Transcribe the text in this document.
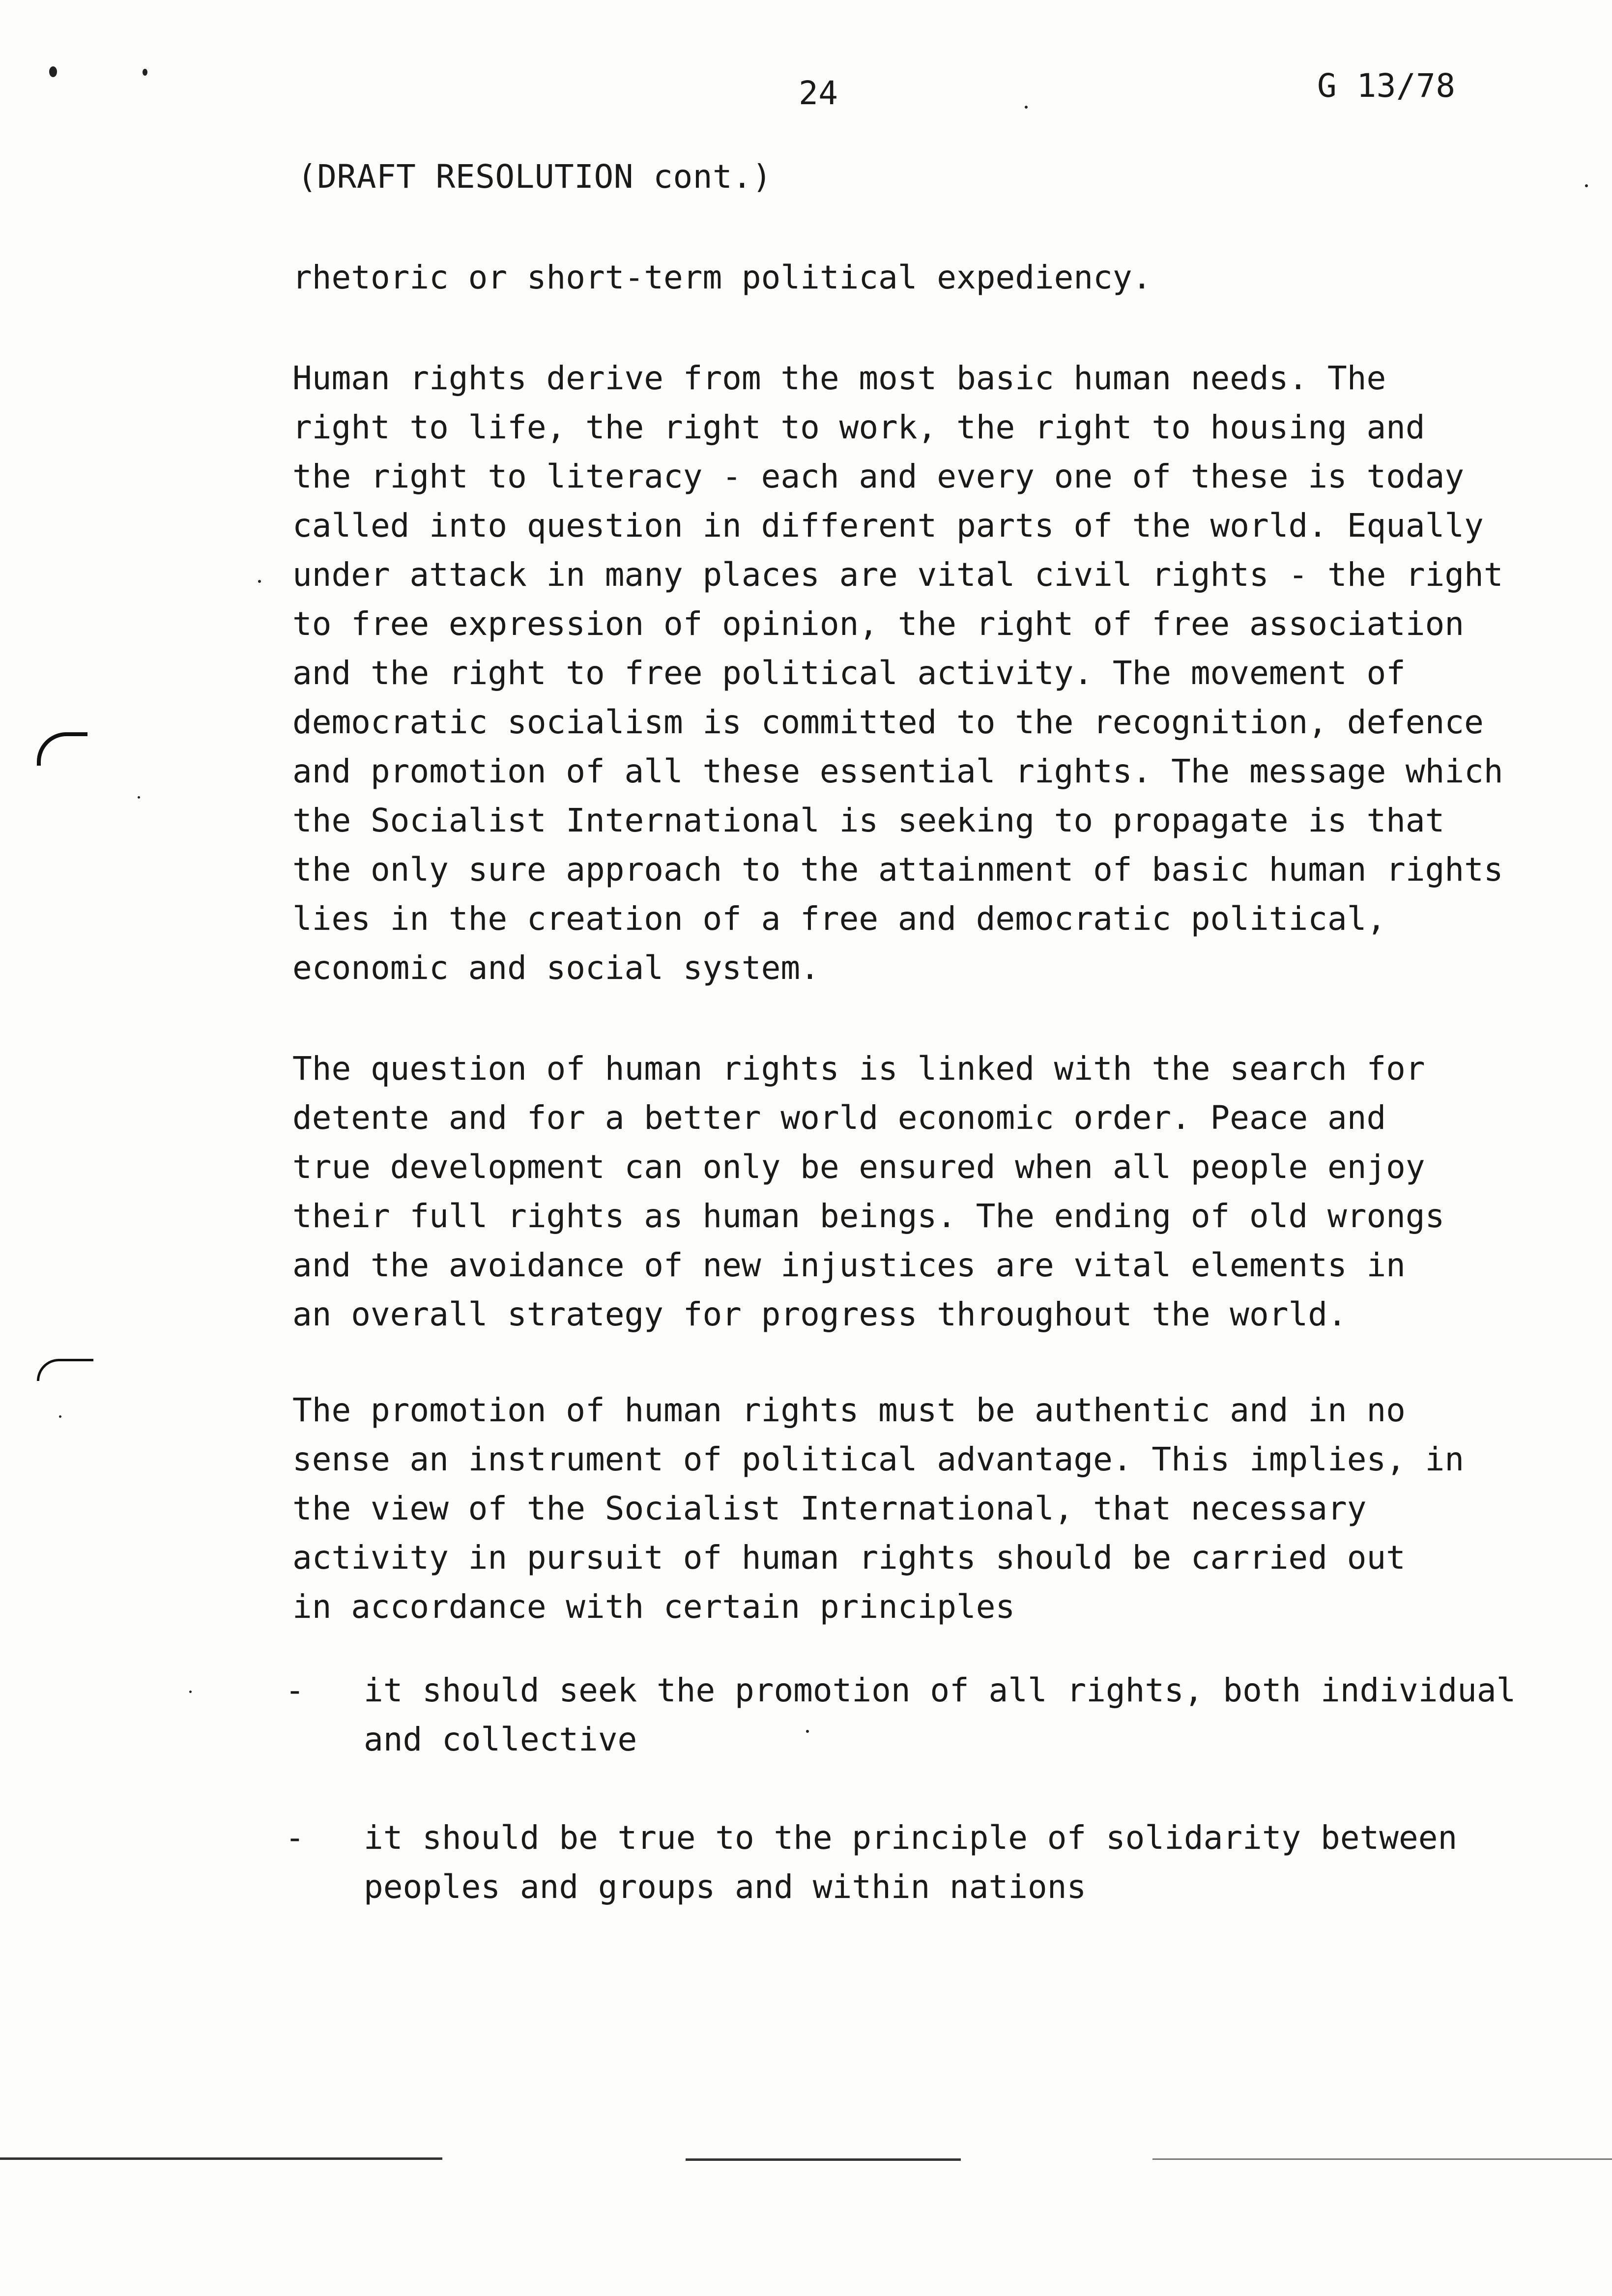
24	G 13/78
(DRAFT RESOLUTION cont.)
rhetoric or short-term political expediency.
Human rights derive from the most basic human needs. The
right to life, the right to work, the right to housing and
the right to literacy - each and every one of these is today
called into question in different parts of the world. Equally
under attack in many places are vital civil rights - the right
to free expression of opinion, the right of free association
and the right to free political activity. The movement of
democratic socialism is committed to the recognition, defence
and promotion of all these essential rights. The message which
the Socialist International is seeking to propagate is that
the only sure approach to the attainment of basic human rights
lies in the creation of a free and democratic political,
economic and social system.
The question of human rights is linked with the search for
detente and for a better world economic order. Peace and
true development can only be ensured when all people enjoy
their full rights as human beings. The ending of old wrongs
and the avoidance of new injustices are vital elements in
an overall strategy for progress throughout the world.
The promotion of human rights must be authentic and in no
sense an instrument of political advantage. This implies, in
the view of the Socialist International, that necessary
activity in pursuit of human rights should be carried out
in accordance with certain principles
- it should seek the promotion of all rights, both individual
and collective
- it should be true to the principle of solidarity between
peoples and groups and within nations
